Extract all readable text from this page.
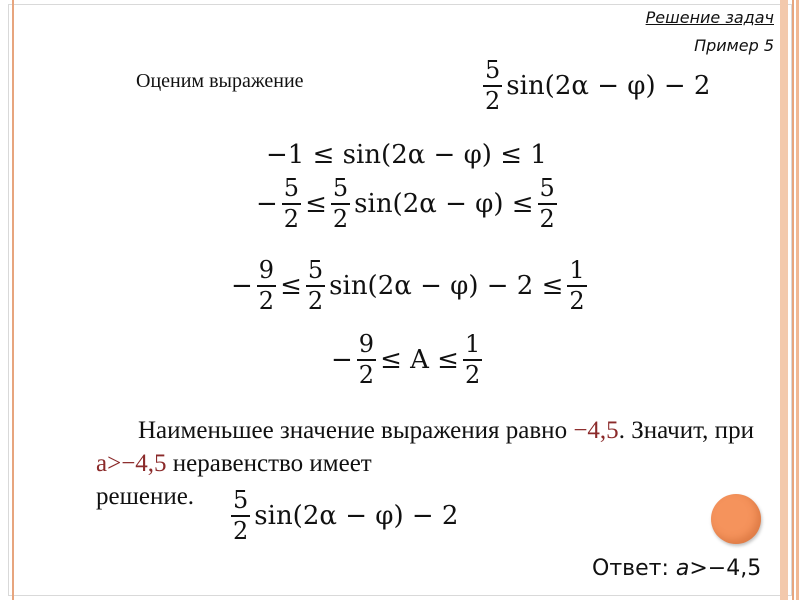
Решение задач
Пример 5
Оценим выражение	$\frac{5}{2} \sin(2\alpha - \varphi) - 2$
−1 ≤ sin(2α − φ) ≤ 1
− $\frac{5}{2} \le \frac{5}{2} \sin(2\alpha - \varphi) \le \frac{5}{2}$
− $\frac{9}{2} \le \frac{5}{2} \sin(2\alpha - \varphi) - 2 \le \frac{1}{2}$
− $\frac{9}{2} \le A \le \frac{1}{2}$
Наименьшее значение выражения равно −4,5. Значит, при a>−4,5 неравенство имеет
решение.	$\frac{5}{2} \sin(2\alpha - \varphi) - 2$
Ответ: a>−4,5
